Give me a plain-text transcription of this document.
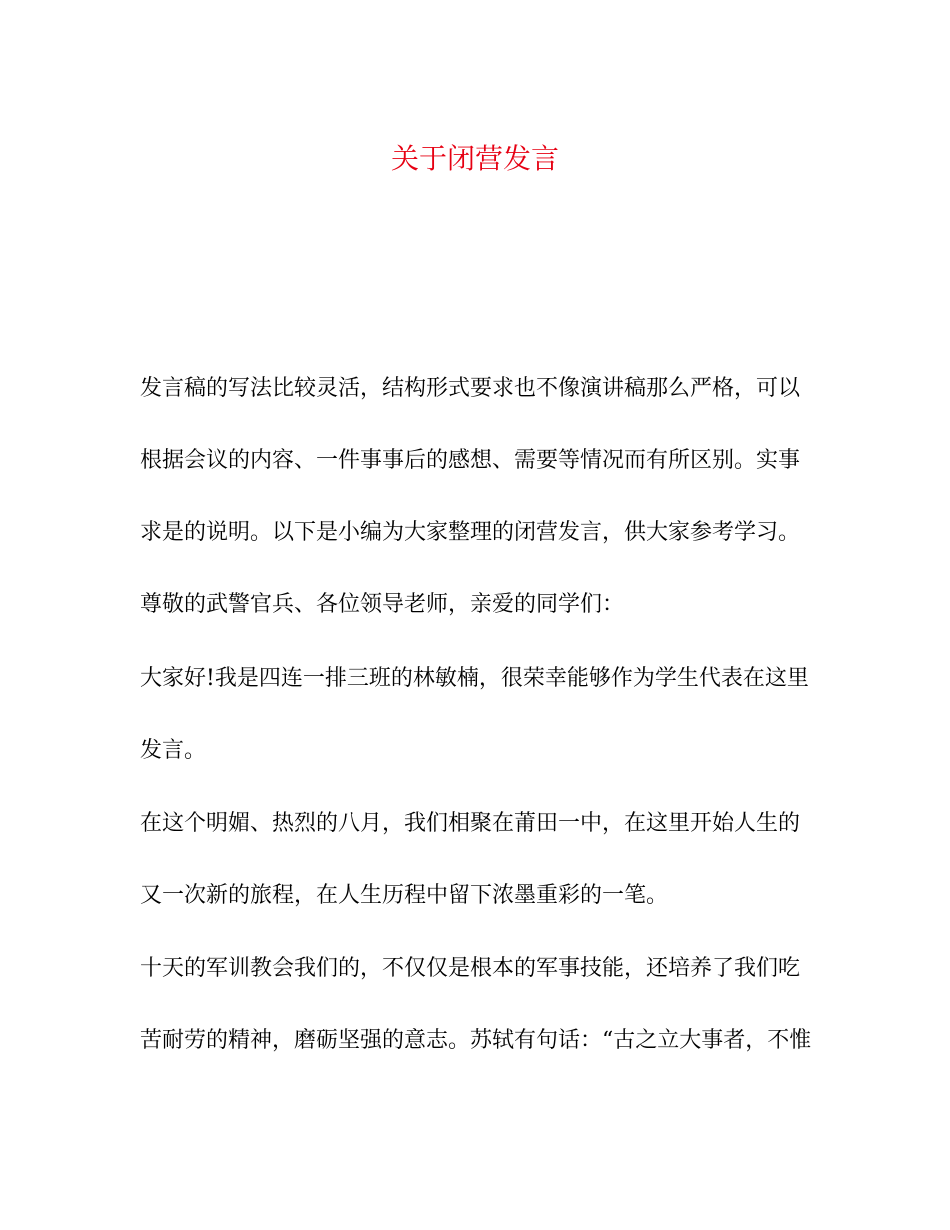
关于闭营发言
发言稿的写法比较灵活，结构形式要求也不像演讲稿那么严格，可以
根据会议的内容、一件事事后的感想、需要等情况而有所区别。实事
求是的说明。以下是小编为大家整理的闭营发言，供大家参考学习。
尊敬的武警官兵、各位领导老师，亲爱的同学们：
大家好!我是四连一排三班的林敏楠，很荣幸能够作为学生代表在这里
发言。
在这个明媚、热烈的八月，我们相聚在莆田一中，在这里开始人生的
又一次新的旅程，在人生历程中留下浓墨重彩的一笔。
十天的军训教会我们的，不仅仅是根本的军事技能，还培养了我们吃
苦耐劳的精神，磨砺坚强的意志。苏轼有句话：“古之立大事者，不惟
